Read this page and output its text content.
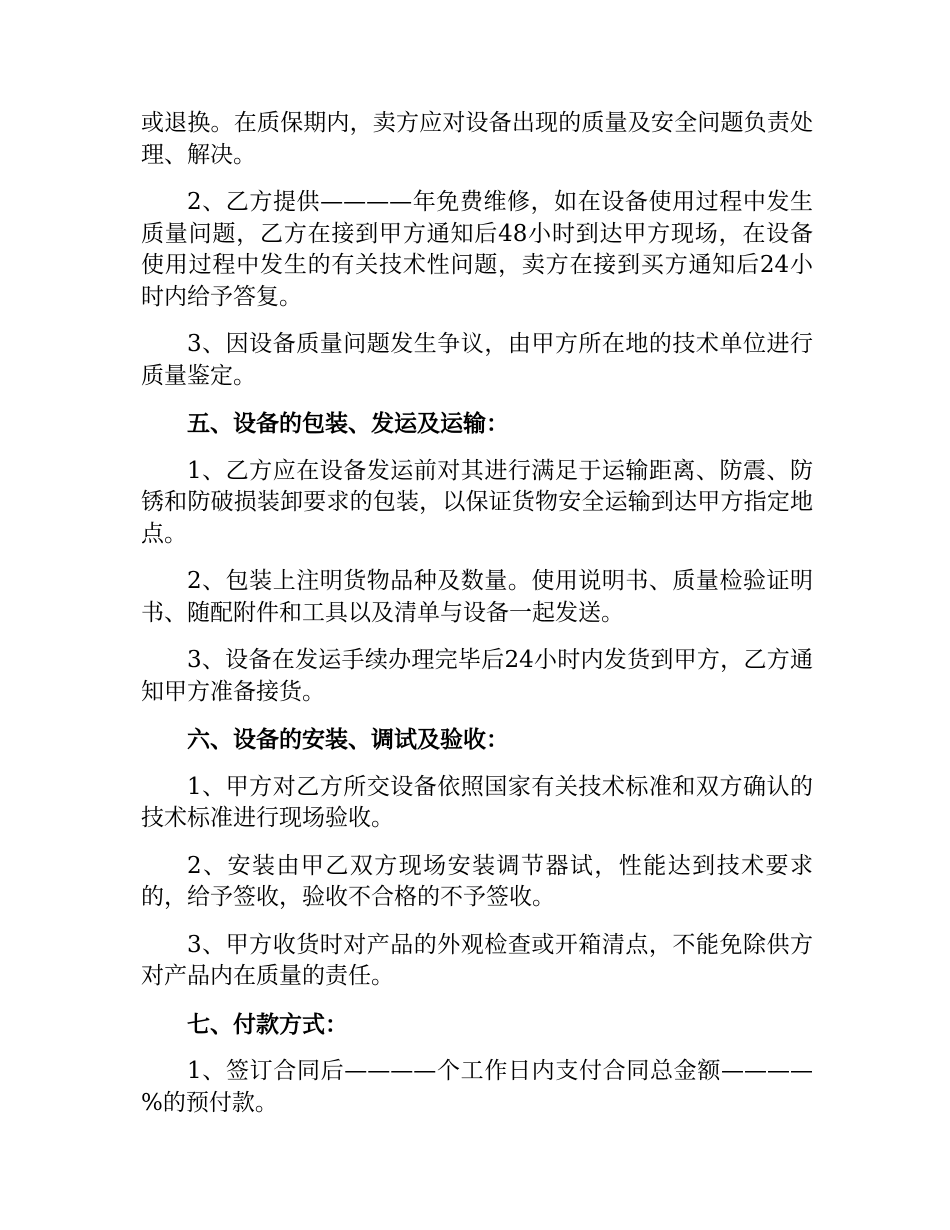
或退换。在质保期内，卖方应对设备出现的质量及安全问题负责处理、解决。

2、乙方提供————年免费维修，如在设备使用过程中发生质量问题，乙方在接到甲方通知后48小时到达甲方现场，在设备使用过程中发生的有关技术性问题，卖方在接到买方通知后24小时内给予答复。

3、因设备质量问题发生争议，由甲方所在地的技术单位进行质量鉴定。

五、设备的包装、发运及运输：

1、乙方应在设备发运前对其进行满足于运输距离、防震、防锈和防破损装卸要求的包装，以保证货物安全运输到达甲方指定地点。

2、包装上注明货物品种及数量。使用说明书、质量检验证明书、随配附件和工具以及清单与设备一起发送。

3、设备在发运手续办理完毕后24小时内发货到甲方，乙方通知甲方准备接货。

六、设备的安装、调试及验收：

1、甲方对乙方所交设备依照国家有关技术标准和双方确认的技术标准进行现场验收。

2、安装由甲乙双方现场安装调节器试，性能达到技术要求的，给予签收，验收不合格的不予签收。

3、甲方收货时对产品的外观检查或开箱清点，不能免除供方对产品内在质量的责任。

七、付款方式：

1、签订合同后————个工作日内支付合同总金额————%的预付款。
